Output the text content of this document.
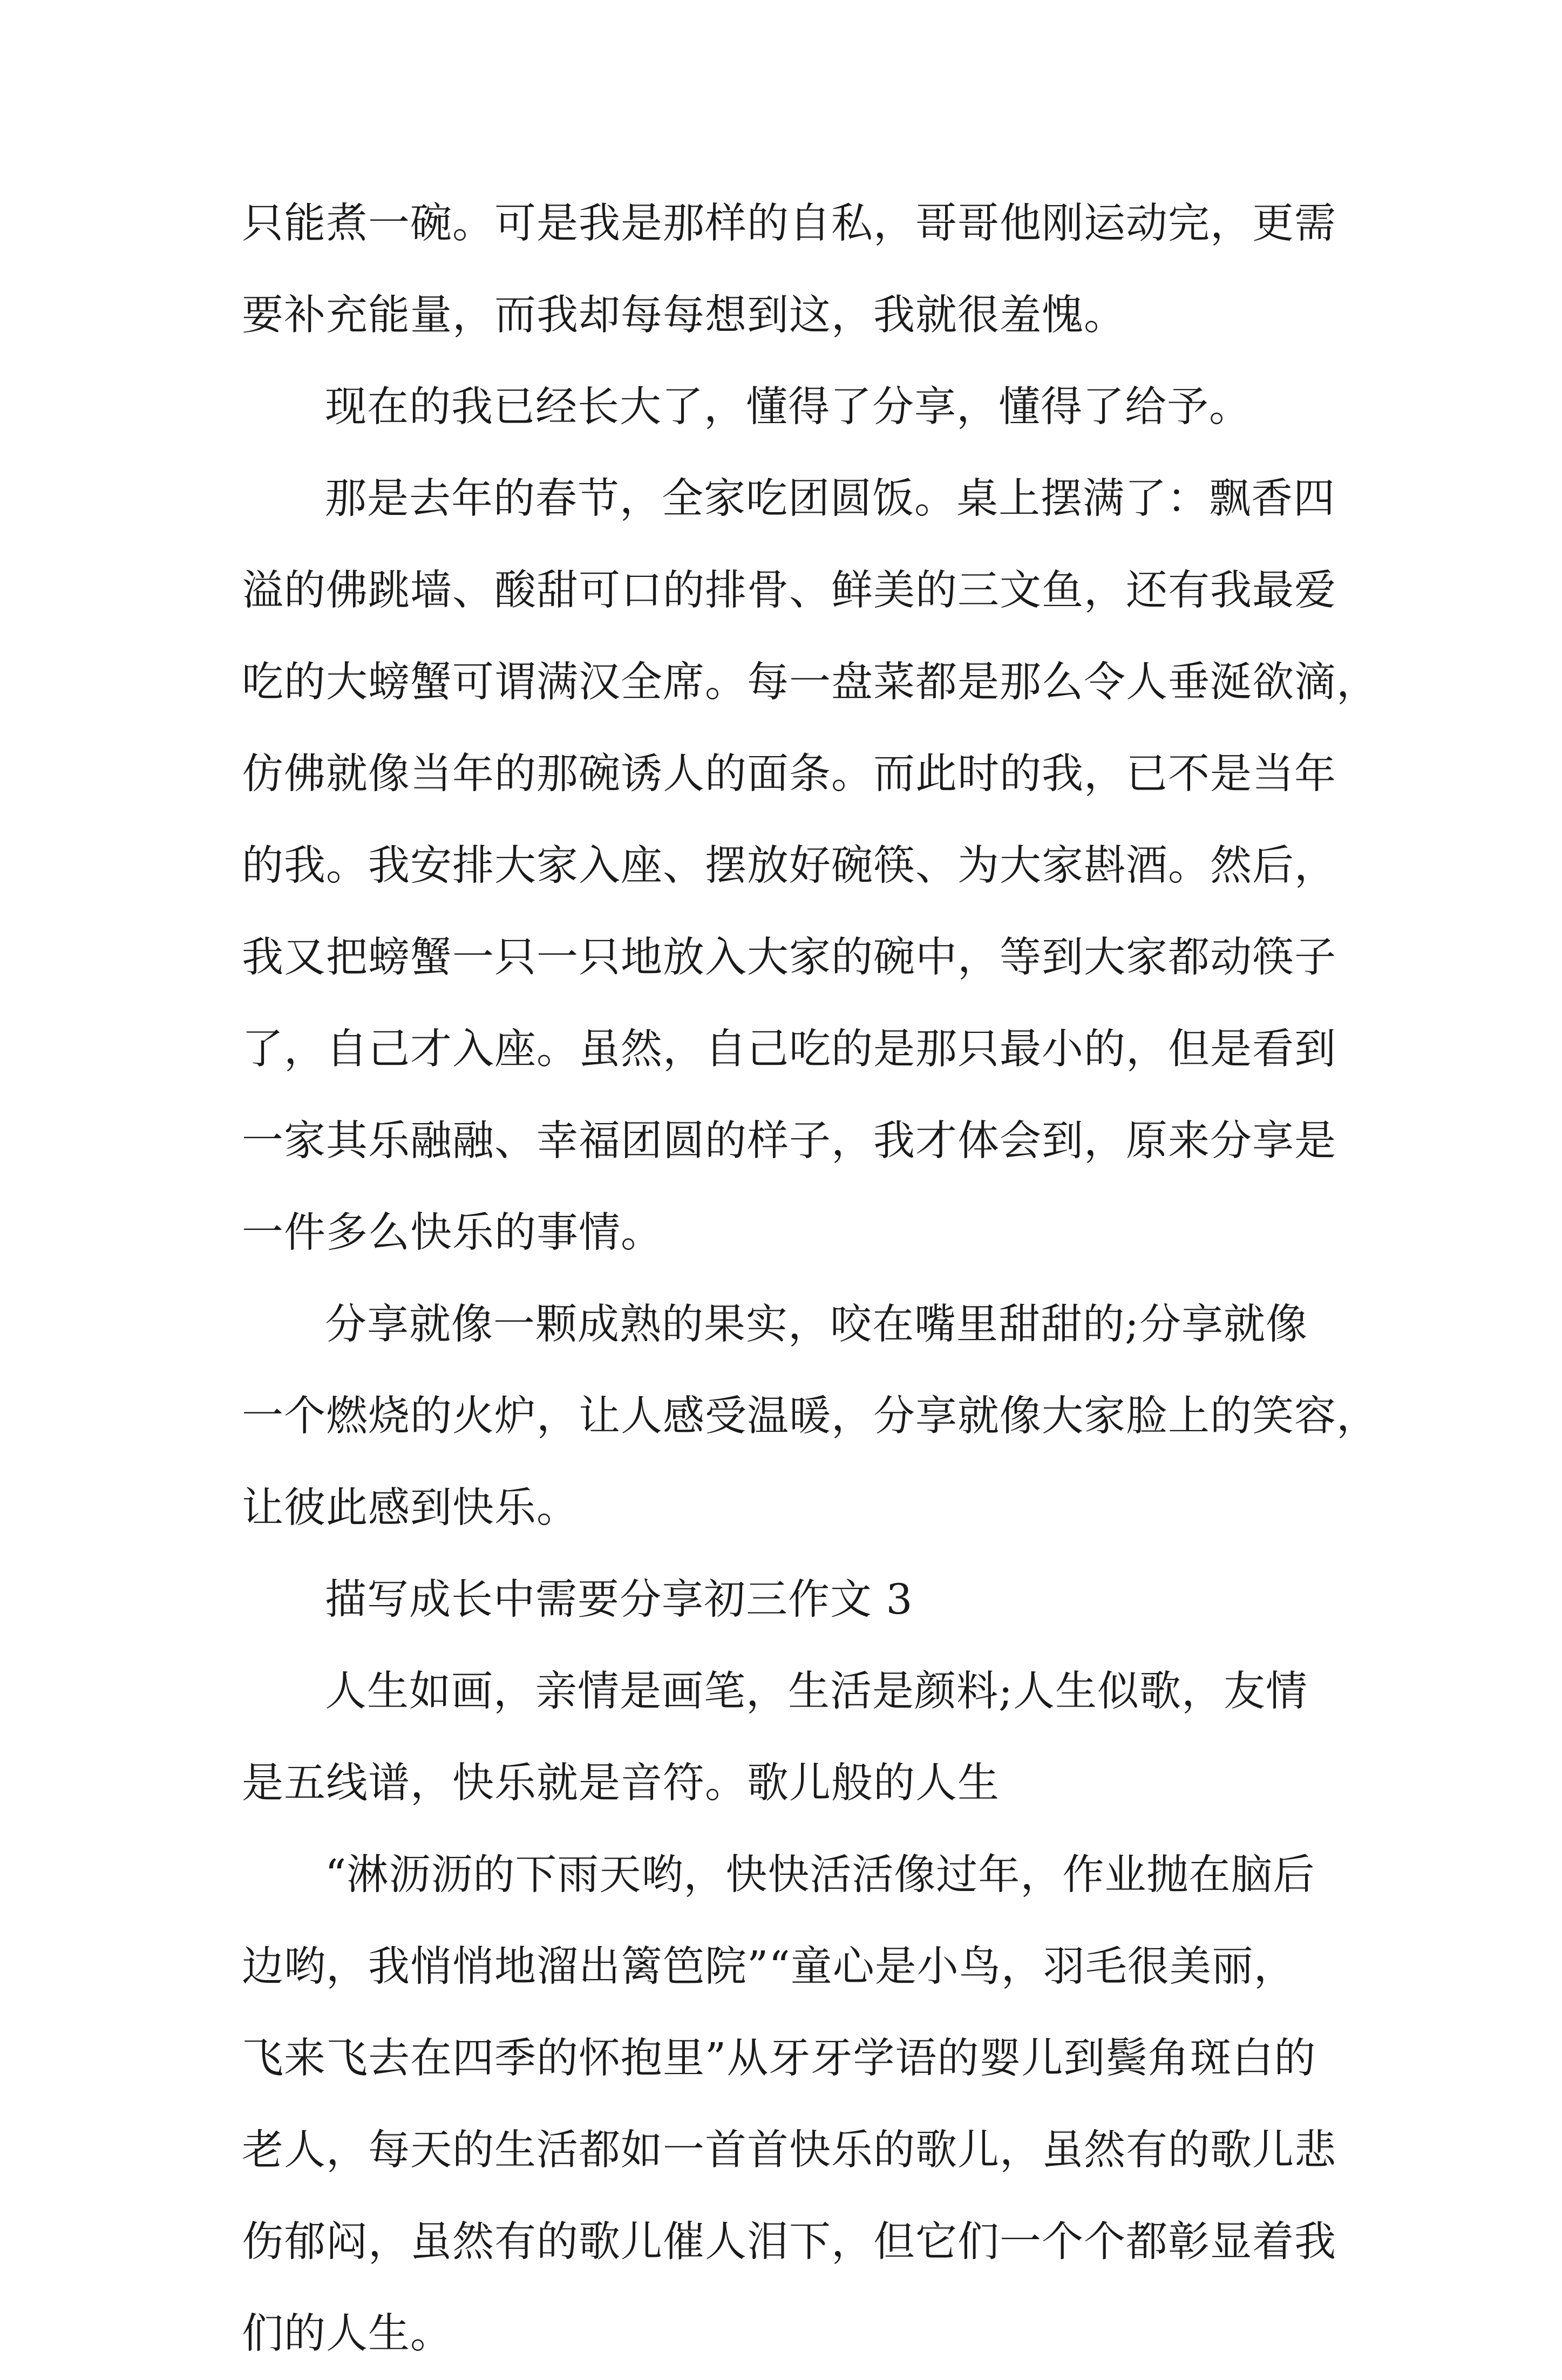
只能煮一碗。可是我是那样的自私，哥哥他刚运动完，更需
要补充能量，而我却每每想到这，我就很羞愧。
现在的我已经长大了，懂得了分享，懂得了给予。
那是去年的春节，全家吃团圆饭。桌上摆满了：飘香四
溢的佛跳墙、酸甜可口的排骨、鲜美的三文鱼，还有我最爱
吃的大螃蟹可谓满汉全席。每一盘菜都是那么令人垂涎欲滴，
仿佛就像当年的那碗诱人的面条。而此时的我，已不是当年
的我。我安排大家入座、摆放好碗筷、为大家斟酒。然后，
我又把螃蟹一只一只地放入大家的碗中，等到大家都动筷子
了，自己才入座。虽然，自己吃的是那只最小的，但是看到
一家其乐融融、幸福团圆的样子，我才体会到，原来分享是
一件多么快乐的事情。
分享就像一颗成熟的果实，咬在嘴里甜甜的;分享就像
一个燃烧的火炉，让人感受温暖，分享就像大家脸上的笑容，
让彼此感到快乐。
描写成长中需要分享初三作文 3
人生如画，亲情是画笔，生活是颜料;人生似歌，友情
是五线谱，快乐就是音符。歌儿般的人生
“淋沥沥的下雨天哟，快快活活像过年，作业抛在脑后
边哟，我悄悄地溜出篱笆院”“童心是小鸟，羽毛很美丽，
飞来飞去在四季的怀抱里”从牙牙学语的婴儿到鬓角斑白的
老人，每天的生活都如一首首快乐的歌儿，虽然有的歌儿悲
伤郁闷，虽然有的歌儿催人泪下，但它们一个个都彰显着我
们的人生。
